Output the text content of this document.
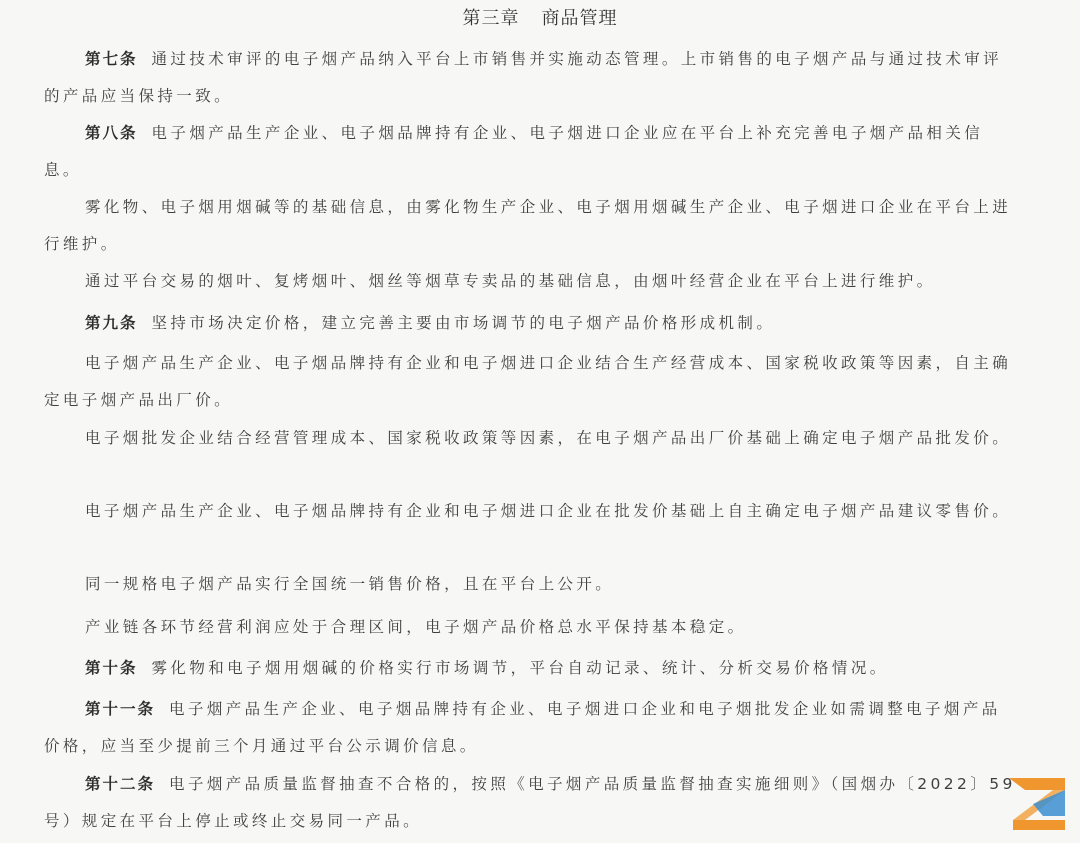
第三章 商品管理

第七条 通过技术审评的电子烟产品纳入平台上市销售并实施动态管理。上市销售的电子烟产品与通过技术审评的产品应当保持一致。

第八条 电子烟产品生产企业、电子烟品牌持有企业、电子烟进口企业应在平台上补充完善电子烟产品相关信息。

雾化物、电子烟用烟碱等的基础信息，由雾化物生产企业、电子烟用烟碱生产企业、电子烟进口企业在平台上进行维护。

通过平台交易的烟叶、复烤烟叶、烟丝等烟草专卖品的基础信息，由烟叶经营企业在平台上进行维护。

第九条 坚持市场决定价格，建立完善主要由市场调节的电子烟产品价格形成机制。

电子烟产品生产企业、电子烟品牌持有企业和电子烟进口企业结合生产经营成本、国家税收政策等因素，自主确定电子烟产品出厂价。

电子烟批发企业结合经营管理成本、国家税收政策等因素，在电子烟产品出厂价基础上确定电子烟产品批发价。

电子烟产品生产企业、电子烟品牌持有企业和电子烟进口企业在批发价基础上自主确定电子烟产品建议零售价。

同一规格电子烟产品实行全国统一销售价格，且在平台上公开。

产业链各环节经营利润应处于合理区间，电子烟产品价格总水平保持基本稳定。

第十条 雾化物和电子烟用烟碱的价格实行市场调节，平台自动记录、统计、分析交易价格情况。

第十一条 电子烟产品生产企业、电子烟品牌持有企业、电子烟进口企业和电子烟批发企业如需调整电子烟产品价格，应当至少提前三个月通过平台公示调价信息。

第十二条 电子烟产品质量监督抽查不合格的，按照《电子烟产品质量监督抽查实施细则》（国烟办〔2022〕59号）规定在平台上停止或终止交易同一产品。
